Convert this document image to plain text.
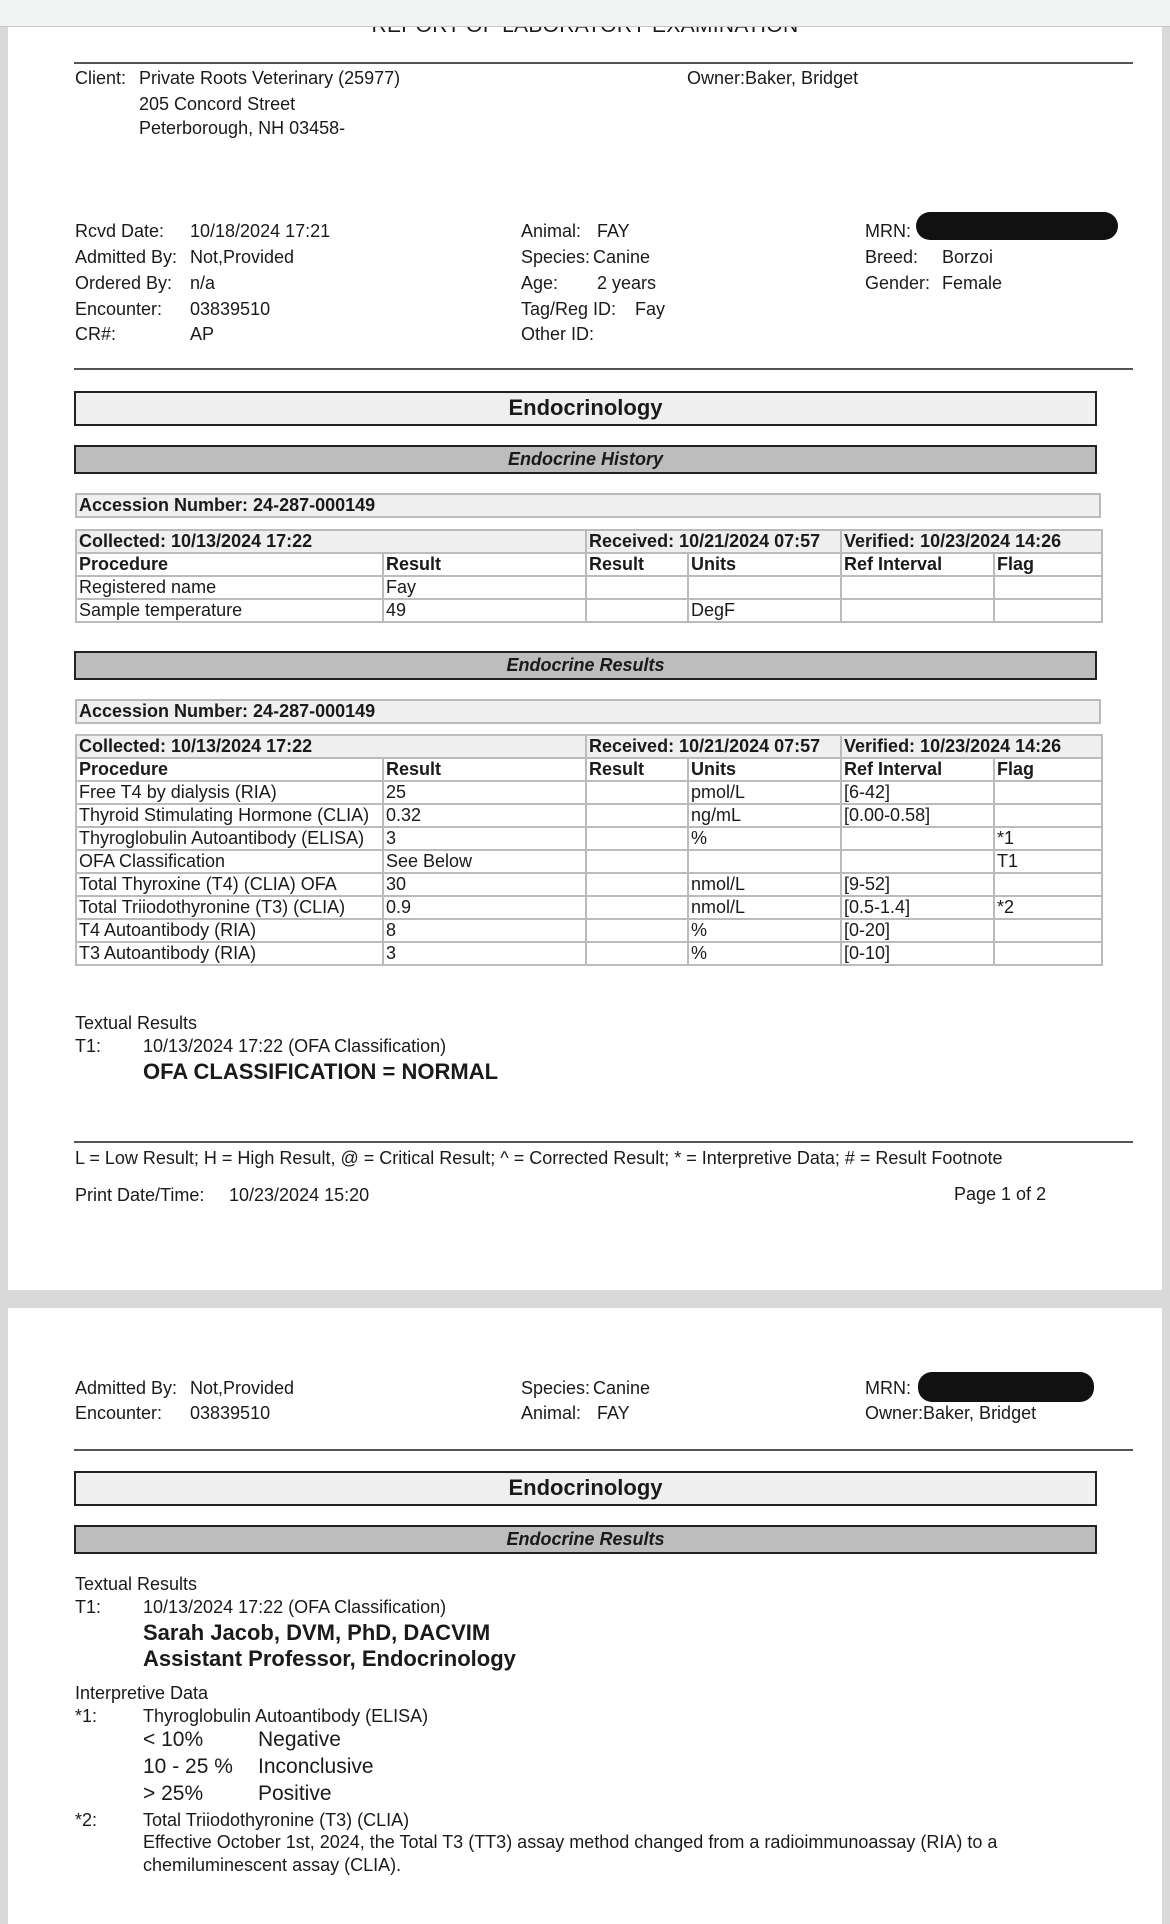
Client: Private Roots Veterinary (25977)
205 Concord Street
Peterborough, NH 03458-
Owner:Baker, Bridget
Rcvd Date: 10/18/2024 17:21
Admitted By: Not,Provided
Ordered By: n/a
Encounter: 03839510
CR#:	AP
Animal: FAY
Species: Canine
Age: 2 years
Tag/Reg ID: Fay
Other ID:
MRN:
Breed: Borzoi
Gender: Female
Endocrinology
Endocrine History
Accession Number: 24-287-000149
Collected: 10/13/2024 17:22		Received: 10/21/2024 07:57		Verified: 10/23/2024 14:26	
Procedure	Result	Result	Units	Ref Interval	Flag
Registered name	Fay				
Sample temperature	49		DegF		
Endocrine Results
Accession Number: 24-287-000149
Collected: 10/13/2024 17:22		Received: 10/21/2024 07:57		Verified: 10/23/2024 14:26	
Procedure	Result	Result	Units	Ref Interval	Flag
Free T4 by dialysis (RIA)	25		pmol/L	[6-42]	
Thyroid Stimulating Hormone (CLIA)	0.32		ng/mL	[0.00-0.58]	
Thyroglobulin Autoantibody (ELISA)	3		%		*1
OFA Classification	See Below				T1
Total Thyroxine (T4) (CLIA) OFA	30		nmol/L	[9-52]	
Total Triiodothyronine (T3) (CLIA)	0.9		nmol/L	[0.5-1.4]	*2
T4 Autoantibody (RIA)	8		%	[0-20]	
T3 Autoantibody (RIA)	3		%	[0-10]	
Textual Results
T1: 10/13/2024 17:22 (OFA Classification)
OFA CLASSIFICATION = NORMAL
L = Low Result; H = High Result, @ = Critical Result; ^ = Corrected Result; * = Interpretive Data; # = Result Footnote
Print Date/Time: 10/23/2024 15:20	Page 1 of 2
Admitted By: Not,Provided
Encounter: 03839510
Species: Canine
Animal: FAY
MRN:
Owner:Baker, Bridget
Endocrinology
Endocrine Results
Textual Results
T1: 10/13/2024 17:22 (OFA Classification)
Sarah Jacob, DVM, PhD, DACVIM
Assistant Professor, Endocrinology
Interpretive Data
*1:	Thyroglobulin Autoantibody (ELISA)
< 10%	Negative
10 - 25 % Inconclusive
> 25%	Positive
*2:	Total Triiodothyronine (T3) (CLIA)
Effective October 1st, 2024, the Total T3 (TT3) assay method changed from a radioimmunoassay (RIA) to a
chemiluminescent assay (CLIA).
